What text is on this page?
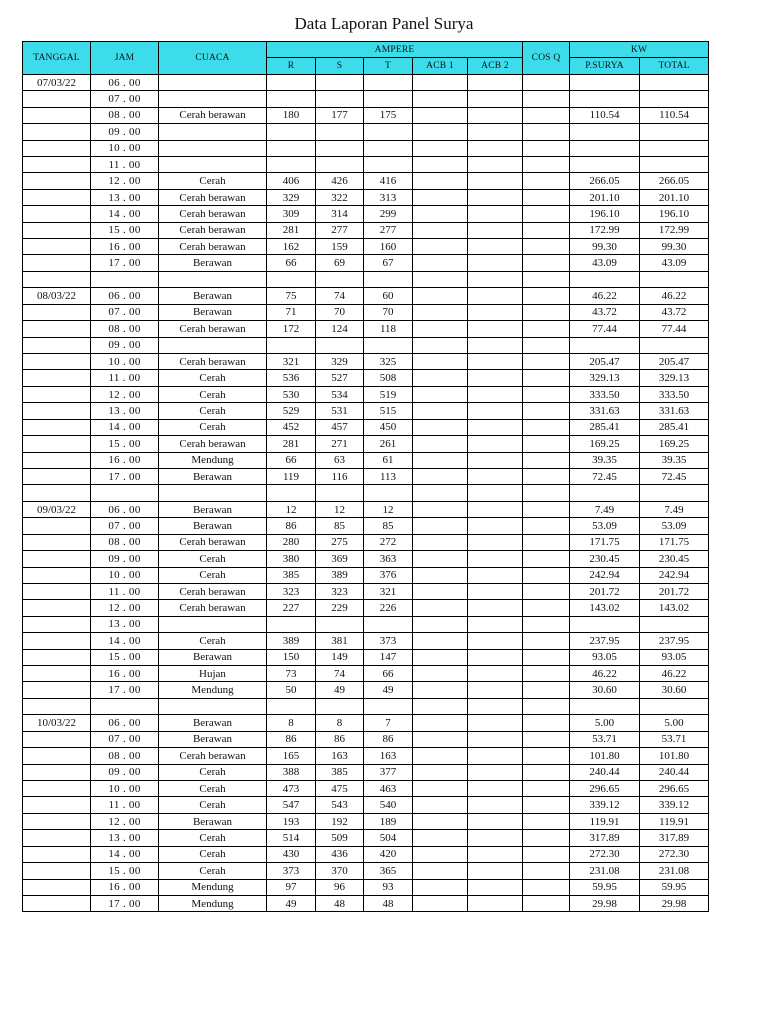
Data Laporan Panel Surya
TANGGAL	JAM	CUACA	AMPERE					COS Q	KW	
			R	S	T	ACB 1	ACB 2		P.SURYA	TOTAL
07/03/22	06 . 00									
	07 . 00									
	08 . 00	Cerah berawan	180	177	175				110.54	110.54
	09 . 00									
	10 . 00									
	11 . 00									
	12 . 00	Cerah	406	426	416				266.05	266.05
	13 . 00	Cerah berawan	329	322	313				201.10	201.10
	14 . 00	Cerah berawan	309	314	299				196.10	196.10
	15 . 00	Cerah berawan	281	277	277				172.99	172.99
	16 . 00	Cerah berawan	162	159	160				99.30	99.30
	17 . 00	Berawan	66	69	67				43.09	43.09

08/03/22	06 . 00	Berawan	75	74	60				46.22	46.22
	07 . 00	Berawan	71	70	70				43.72	43.72
	08 . 00	Cerah berawan	172	124	118				77.44	77.44
	09 . 00									
	10 . 00	Cerah berawan	321	329	325				205.47	205.47
	11 . 00	Cerah	536	527	508				329.13	329.13
	12 . 00	Cerah	530	534	519				333.50	333.50
	13 . 00	Cerah	529	531	515				331.63	331.63
	14 . 00	Cerah	452	457	450				285.41	285.41
	15 . 00	Cerah berawan	281	271	261				169.25	169.25
	16 . 00	Mendung	66	63	61				39.35	39.35
	17 . 00	Berawan	119	116	113				72.45	72.45

09/03/22	06 . 00	Berawan	12	12	12				7.49	7.49
	07 . 00	Berawan	86	85	85				53.09	53.09
	08 . 00	Cerah berawan	280	275	272				171.75	171.75
	09 . 00	Cerah	380	369	363				230.45	230.45
	10 . 00	Cerah	385	389	376				242.94	242.94
	11 . 00	Cerah berawan	323	323	321				201.72	201.72
	12 . 00	Cerah berawan	227	229	226				143.02	143.02
	13 . 00									
	14 . 00	Cerah	389	381	373				237.95	237.95
	15 . 00	Berawan	150	149	147				93.05	93.05
	16 . 00	Hujan	73	74	66				46.22	46.22
	17 . 00	Mendung	50	49	49				30.60	30.60

10/03/22	06 . 00	Berawan	8	8	7				5.00	5.00
	07 . 00	Berawan	86	86	86				53.71	53.71
	08 . 00	Cerah berawan	165	163	163				101.80	101.80
	09 . 00	Cerah	388	385	377				240.44	240.44
	10 . 00	Cerah	473	475	463				296.65	296.65
	11 . 00	Cerah	547	543	540				339.12	339.12
	12 . 00	Berawan	193	192	189				119.91	119.91
	13 . 00	Cerah	514	509	504				317.89	317.89
	14 . 00	Cerah	430	436	420				272.30	272.30
	15 . 00	Cerah	373	370	365				231.08	231.08
	16 . 00	Mendung	97	96	93				59.95	59.95
	17 . 00	Mendung	49	48	48				29.98	29.98
